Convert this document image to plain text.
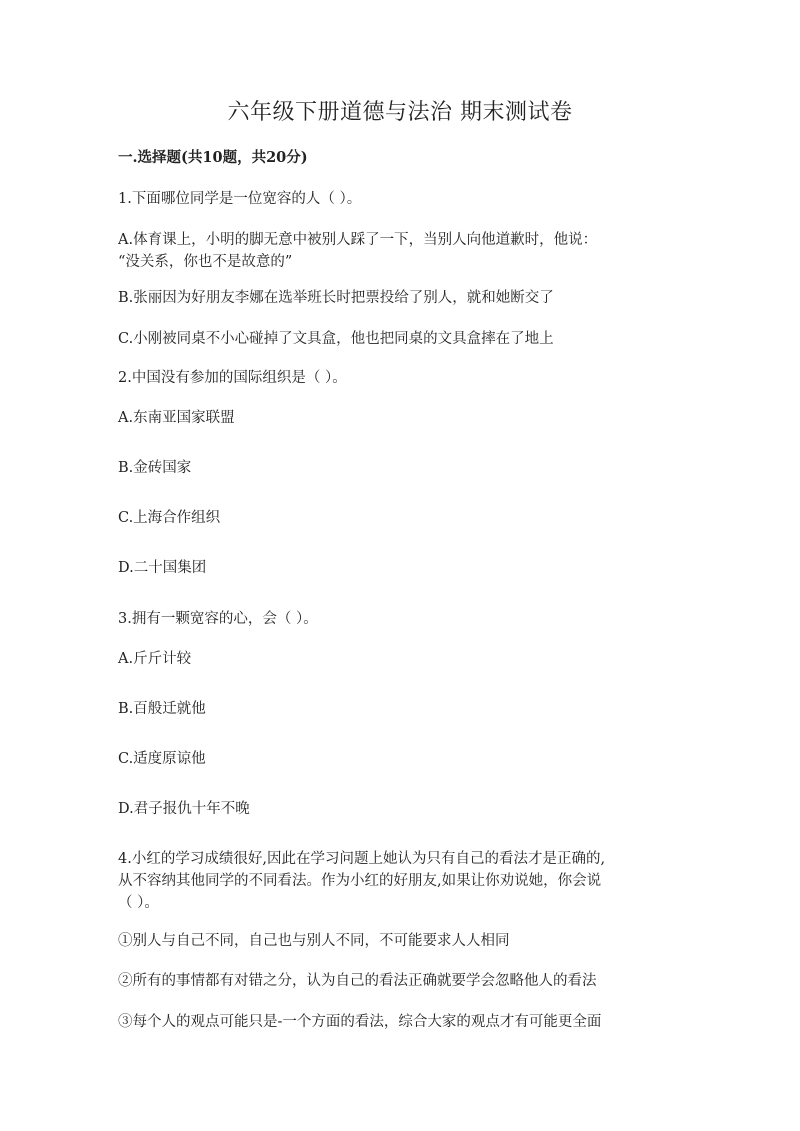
六年级下册道德与法治 期末测试卷

一.选择题(共10题，共20分)

1.下面哪位同学是一位宽容的人（ ）。

A.体育课上，小明的脚无意中被别人踩了一下，当别人向他道歉时，他说：

“没关系，你也不是故意的”

B.张丽因为好朋友李娜在选举班长时把票投给了别人，就和她断交了

C.小刚被同桌不小心碰掉了文具盒，他也把同桌的文具盒摔在了地上

2.中国没有参加的国际组织是（ ）。

A.东南亚国家联盟

B.金砖国家

C.上海合作组织

D.二十国集团

3.拥有一颗宽容的心，会（ ）。

A.斤斤计较

B.百般迁就他

C.适度原谅他

D.君子报仇十年不晚

4.小红的学习成绩很好,因此在学习问题上她认为只有自己的看法才是正确的,

从不容纳其他同学的不同看法。作为小红的好朋友,如果让你劝说她，你会说

（ ）。

①别人与自己不同，自己也与别人不同，不可能要求人人相同

②所有的事情都有对错之分，认为自己的看法正确就要学会忽略他人的看法

③每个人的观点可能只是-一个方面的看法，综合大家的观点才有可能更全面
